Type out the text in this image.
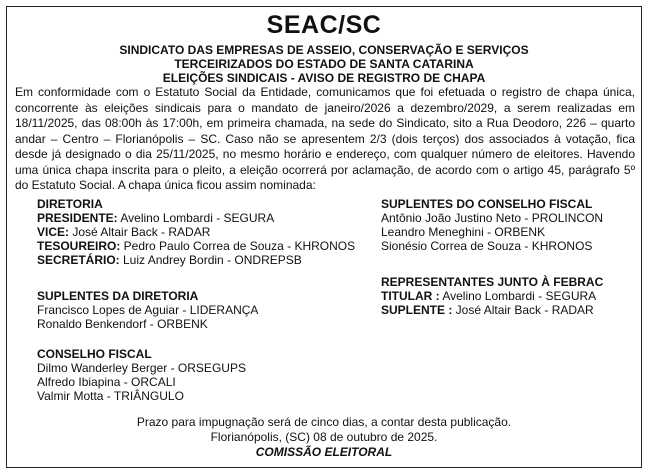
SEAC/SC
SINDICATO DAS EMPRESAS DE ASSEIO, CONSERVAÇÃO E SERVIÇOS
TERCEIRIZADOS DO ESTADO DE SANTA CATARINA
ELEIÇÕES SINDICAIS - AVISO DE REGISTRO DE CHAPA
Em conformidade com o Estatuto Social da Entidade, comunicamos que foi efetuada o registro de chapa única, concorrente às eleições sindicais para o mandato de janeiro/2026 a dezembro/2029, a serem realizadas em 18/11/2025, das 08:00h às 17:00h, em primeira chamada, na sede do Sindicato, sito a Rua Deodoro, 226 – quarto andar – Centro – Florianópolis – SC. Caso não se apresentem 2/3 (dois terços) dos associados à votação, fica desde já designado o dia 25/11/2025, no mesmo horário e endereço, com qualquer número de eleitores. Havendo uma única chapa inscrita para o pleito, a eleição ocorrerá por aclamação, de acordo com o artigo 45, parágrafo 5º do Estatuto Social. A chapa única ficou assim nominada:
DIRETORIA
PRESIDENTE: Avelino Lombardi - SEGURA
VICE: José Altair Back - RADAR
TESOUREIRO: Pedro Paulo Correa de Souza - KHRONOS
SECRETÁRIO: Luiz Andrey Bordin - ONDREPSB
SUPLENTES DA DIRETORIA
Francisco Lopes de Aguiar - LIDERANÇA
Ronaldo Benkendorf - ORBENK
CONSELHO FISCAL
Dilmo Wanderley Berger - ORSEGUPS
Alfredo Ibiapina - ORCALI
Valmir Motta - TRIÂNGULO
SUPLENTES DO CONSELHO FISCAL
Antônio João Justino Neto - PROLINCON
Leandro Meneghini - ORBENK
Sionésio Correa de Souza - KHRONOS
REPRESENTANTES JUNTO À FEBRAC
TITULAR : Avelino Lombardi - SEGURA
SUPLENTE : José Altair Back - RADAR
Prazo para impugnação será de cinco dias, a contar desta publicação.
Florianópolis, (SC) 08 de outubro de 2025.
COMISSÃO ELEITORAL
